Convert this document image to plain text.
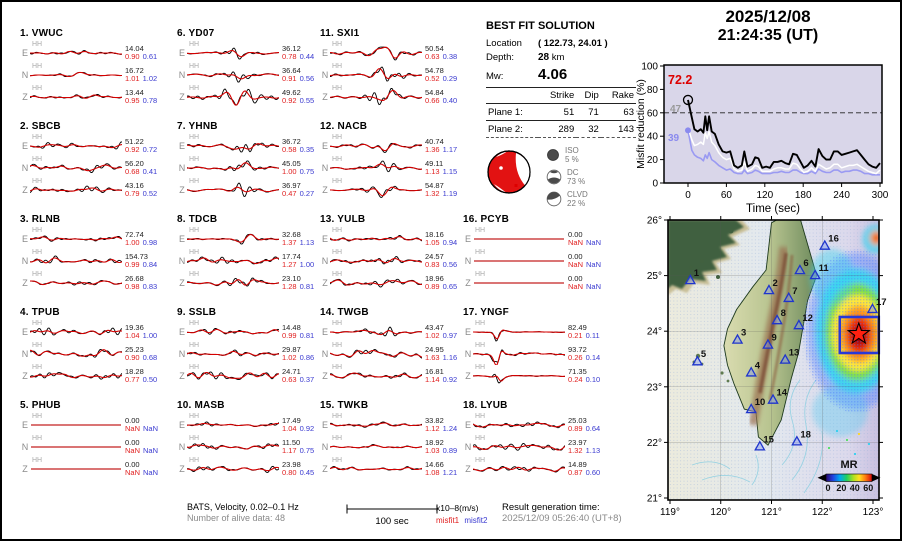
1. VWUC
E
HH	14.04
0.90 0.61
N
HH	16.72
1.01 1.02
Z
HH	13.44
0.95 0.78
2. SBCB
E
HH	51.22
0.92 0.72
N
HH	56.20
0.68 0.41
Z
HH	43.16
0.79 0.52
3. RLNB
E
HH	72.74
1.00 0.98
N
HH	154.73
0.99 0.84
Z
HH	26.68
0.98 0.83
4. TPUB
E
HH	19.36
1.04 1.00
N
HH	25.23
0.90 0.68
Z
HH	18.28
0.77 0.50
5. PHUB
E
HH	0.00
NaN NaN
N
HH	0.00
NaN NaN
Z
HH	0.00
NaN NaN
6. YD07
E
HH	36.12
0.78 0.44
N
HH	36.64
0.91 0.56
Z
HH	49.62
0.92 0.55
7. YHNB
E
HH	36.72
0.58 0.35
N
HH	45.05
1.00 0.75
Z
HH	36.97
0.47 0.27
8. TDCB
E
HH	32.68
1.37 1.13
N
HH	17.74
1.27 1.00
Z
HH	23.10
1.28 0.81
9. SSLB
E
HH	14.48
0.99 0.81
N
HH	29.87
1.02 0.86
Z
HH	24.71
0.63 0.37
10. MASB
E
HH	17.49
1.04 0.92
N
HH	11.50
1.17 0.75
Z
HH	23.98
0.80 0.45
11. SXI1
E
HH	50.54
0.63 0.38
N
HH	54.78
0.52 0.29
Z
HH	54.84
0.66 0.40
12. NACB
E
HH	40.74
1.36 1.17
N
HH	49.11
1.13 1.15
Z
HH	54.87
1.32 1.19
13. YULB
E
HH	18.16
1.05 0.94
N
HH	24.57
0.83 0.56
Z
HH	18.96
0.89 0.65
14. TWGB
E
HH	43.47
1.02 0.97
N
HH	24.95
1.63 1.16
Z
HH	16.81
1.14 0.92
15. TWKB
E
HH	33.82
1.12 1.24
N
HH	18.92
1.03 0.89
Z
HH	14.66
1.08 1.21
16. PCYB
E
HH	0.00
NaN NaN
N
HH	0.00
NaN NaN
Z
HH	0.00
NaN NaN
17. YNGF
E
HH	82.49
0.21 0.11
N
HH	93.72
0.26 0.14
Z
HH	71.35
0.24 0.10
18. LYUB
E
HH	25.03
0.89 0.64
N
HH	23.97
1.32 1.13
Z
HH	14.89
0.87 0.60
BEST FIT SOLUTION
Location	( 122.73, 24.01 )
Depth:	28 km
Mw:	4.06
	Strike	Dip	Rake
Plane 1:	51	71	63
Plane 2:	289	32	143
ISO
5 %
DC
73 %
CLVD
22 %
2025/12/08
21:24:35 (UT)
0	60 120 180 240 300
0
20
40
60
80
100
72.2
47
39
Time (sec)
Misfit reduction (%)
26°
25°
24°
23°
22°
21°
119°	120°	121°	122°	123°
1
2
3
4
5
6
7
8
9
10
11
12
13
14
15
16
17
18
MR
0 20 40 60
BATS, Velocity, 0.02–0.1 Hz
Number of alive data: 48	100 sec
x10–8(m/s)
misfit1 misfit2
Result generation time:
2025/12/09 05:26:40 (UT+8)
